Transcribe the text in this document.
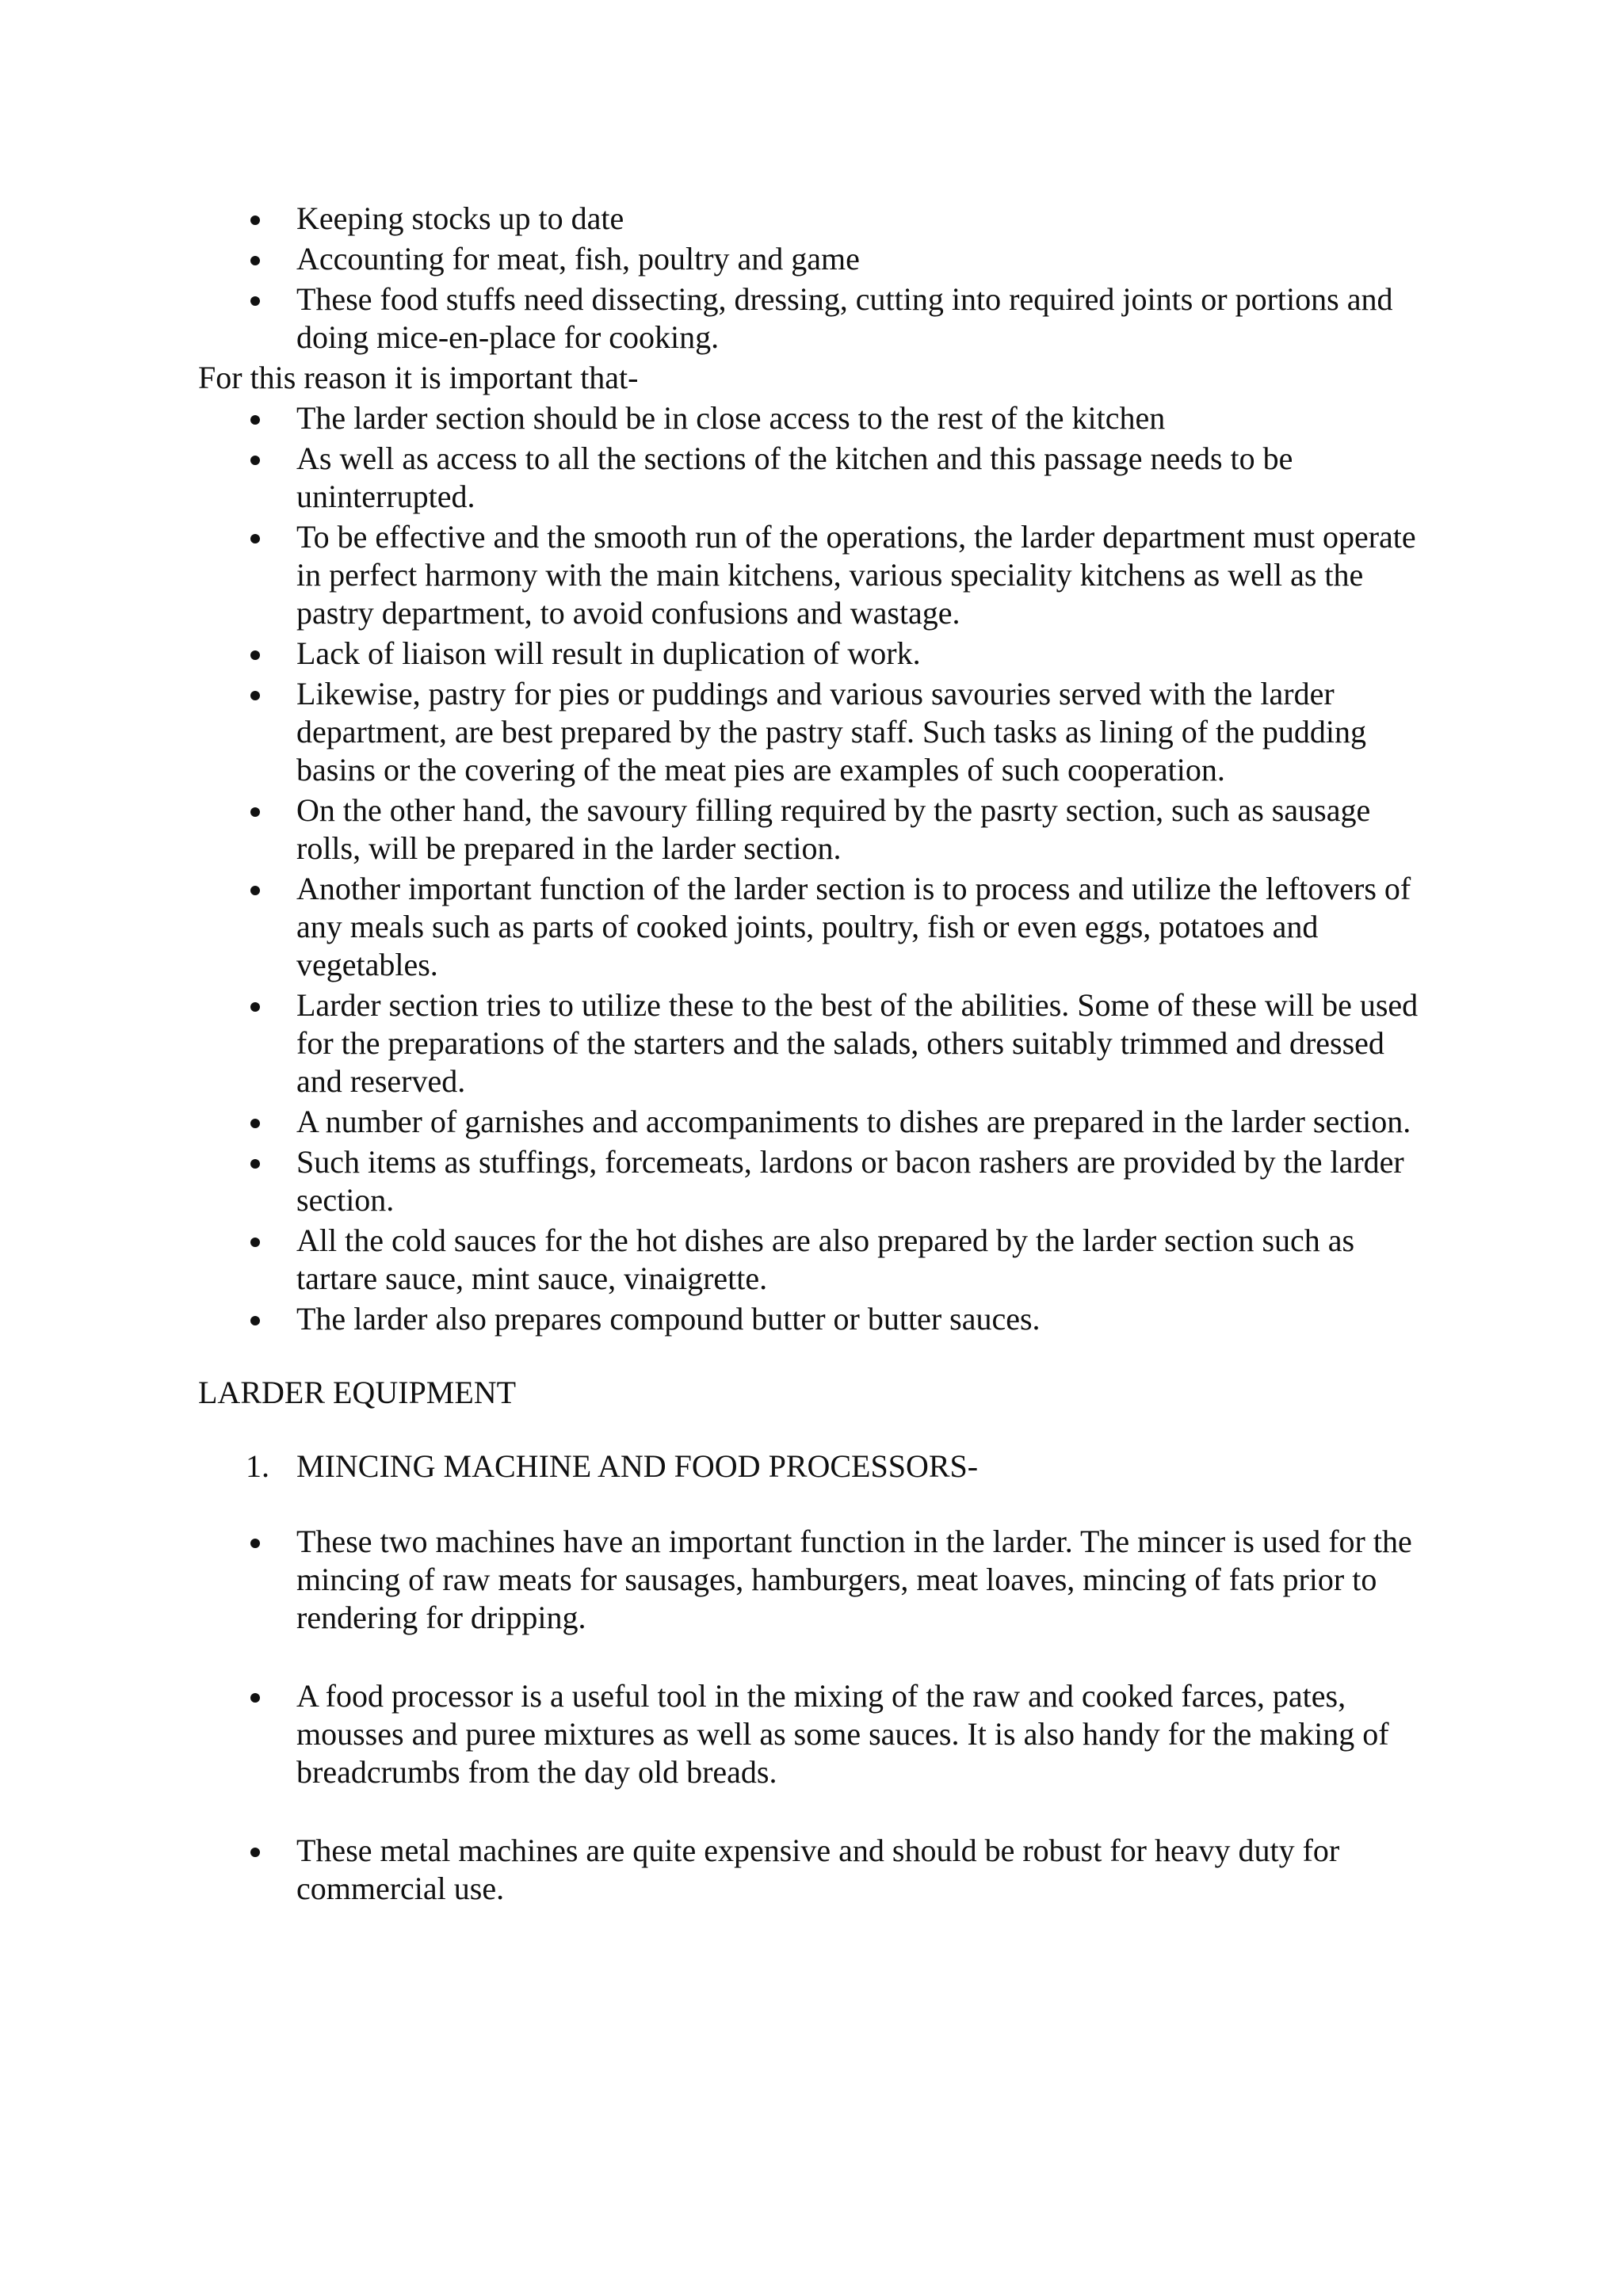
Keeping stocks up to date
Accounting for meat, fish, poultry and game
These food stuffs need dissecting, dressing, cutting into required joints or portions and doing mice-en-place for cooking.

For this reason it is important that-

The larder section should be in close access to the rest of the kitchen
As well as access to all the sections of the kitchen and this passage needs to be uninterrupted.
To be effective and the smooth run of the operations, the larder department must operate in perfect harmony with the main kitchens, various speciality kitchens as well as the pastry department, to avoid confusions and wastage.
Lack of liaison will result in duplication of work.
Likewise, pastry for pies or puddings and various savouries served with the larder department, are best prepared by the pastry staff. Such tasks as lining of the pudding basins or the covering of the meat pies are examples of such cooperation.
On the other hand, the savoury filling required by the pasrty section, such as sausage rolls, will be prepared in the larder section.
Another important function of the larder section is to process and utilize the leftovers of any meals such as parts of cooked joints, poultry, fish or even eggs, potatoes and vegetables.
Larder section tries to utilize these to the best of the abilities. Some of these will be used for the preparations of the starters and the salads, others suitably trimmed and dressed and reserved.
A number of garnishes and accompaniments to dishes are prepared in the larder section.
Such items as stuffings, forcemeats, lardons or bacon rashers are provided by the larder section.
All the cold sauces for the hot dishes are also prepared by the larder section such as tartare sauce, mint sauce, vinaigrette.
The larder also prepares compound butter or butter sauces.

LARDER EQUIPMENT

1. MINCING MACHINE AND FOOD PROCESSORS-
These two machines have an important function in the larder. The mincer is used for the mincing of raw meats for sausages, hamburgers, meat loaves, mincing of fats prior to rendering for dripping.
A food processor is a useful tool in the mixing of the raw and cooked farces, pates, mousses and puree mixtures as well as some sauces. It is also handy for the making of breadcrumbs from the day old breads.
These metal machines are quite expensive and should be robust for heavy duty for commercial use.
